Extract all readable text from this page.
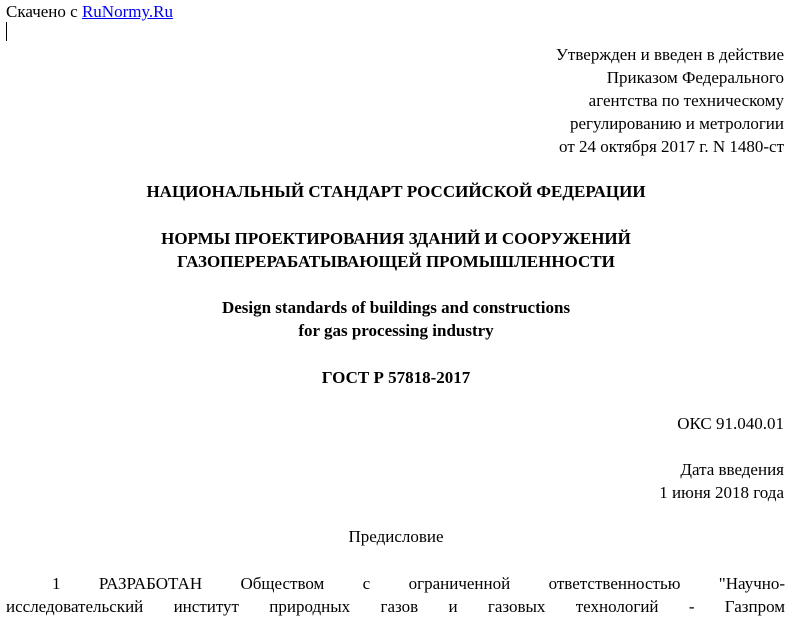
Скачено с RuNormy.Ru
Утвержден и введен в действие
Приказом Федерального
агентства по техническому
регулированию и метрологии
от 24 октября 2017 г. N 1480-ст
НАЦИОНАЛЬНЫЙ СТАНДАРТ РОССИЙСКОЙ ФЕДЕРАЦИИ
НОРМЫ ПРОЕКТИРОВАНИЯ ЗДАНИЙ И СООРУЖЕНИЙ
ГАЗОПЕРЕРАБАТЫВАЮЩЕЙ ПРОМЫШЛЕННОСТИ
Design standards of buildings and constructions
for gas processing industry
ГОСТ Р 57818-2017
ОКС 91.040.01
Дата введения
1 июня 2018 года
Предисловие
1 РАЗРАБОТАН Обществом с ограниченной ответственностью "Научно-
исследовательский институт природных газов и газовых технологий - Газпром
